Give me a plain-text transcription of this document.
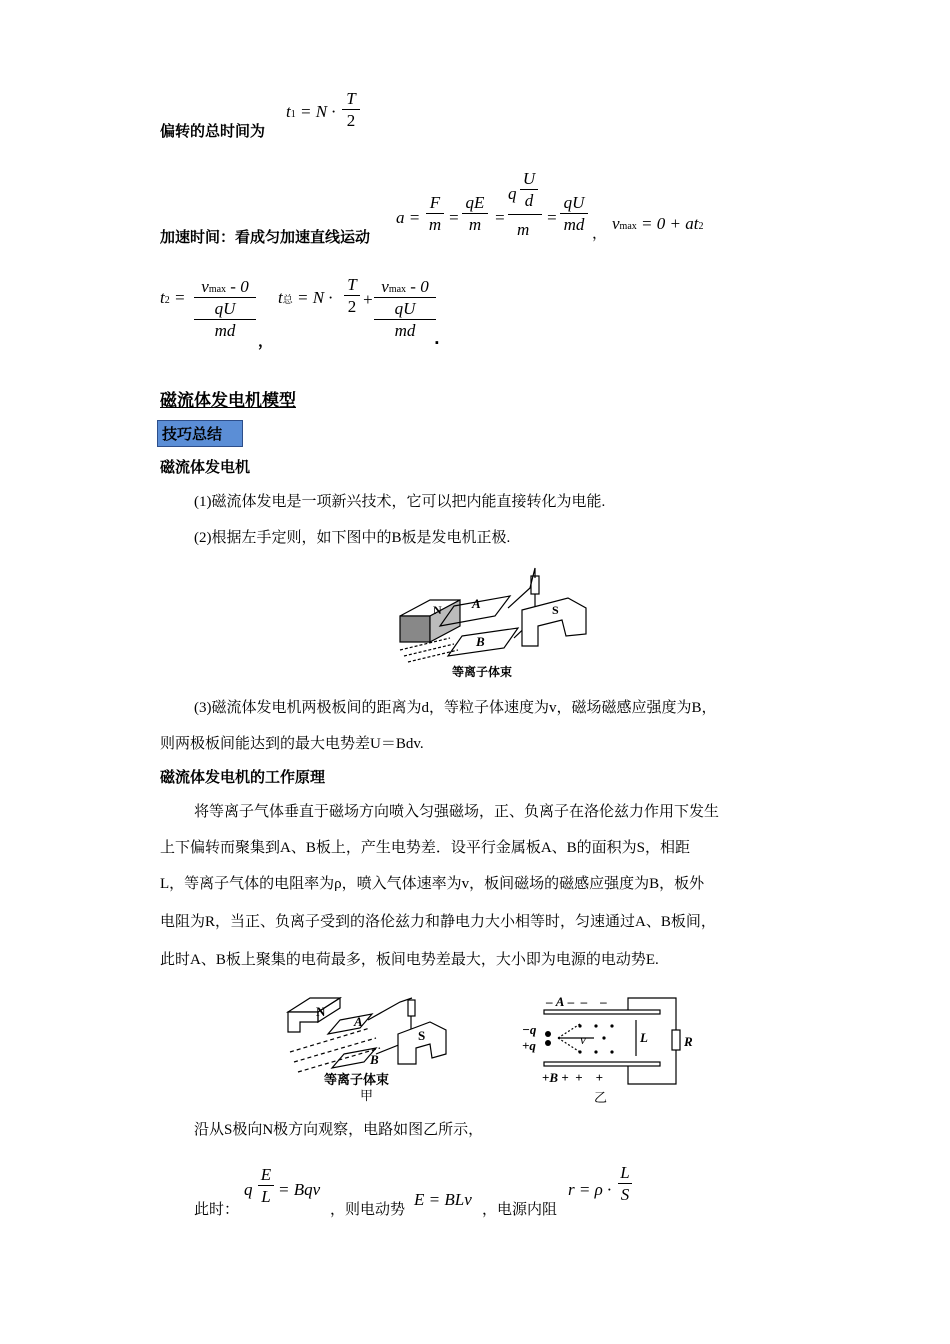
偏转的总时间为
t1 = N ·
T
2
加速时间：看成匀加速直线运动
a =
F
m =
qE
m =
q
U
d
m
=
qU
md ，
vmax = 0 + at2
t2 =
vmax - 0
qU
md
，
t总 = N ·
T
2 +
vmax - 0
qU
md .
磁流体发电机模型
技巧总结
磁流体发电机
(1)磁流体发电是一项新兴技术，它可以把内能直接转化为电能.
(2)根据左手定则，如下图中的B板是发电机正极.
N A
B
S
等离子体束
(3)磁流体发电机两极板间的距离为d，等粒子体速度为v，磁场磁感应强度为B，
则两极板间能达到的最大电势差U＝Bdv.
磁流体发电机的工作原理
将等离子气体垂直于磁场方向喷入匀强磁场，正、负离子在洛伦兹力作用下发生
上下偏转而聚集到A、B板上，产生电势差．设平行金属板A、B的面积为S，相距
L，等离子气体的电阻率为ρ，喷入气体速率为v，板间磁场的磁感应强度为B，板外
电阻为R，当正、负离子受到的洛伦兹力和静电力大小相等时，匀速通过A、B板间，
此时A、B板上聚集的电荷最多，板间电势差最大，大小即为电源的电动势E.
N
A
B
S
等离子体束
甲
– A –  –    –
−q
+q	v	L	R
+B +  +    +
乙
沿从S极向N极方向观察，电路如图乙所示，
此时：
q
E
L = Bqv
，则电动势
E = BLv
，电源内阻
r = ρ ·
L
S
